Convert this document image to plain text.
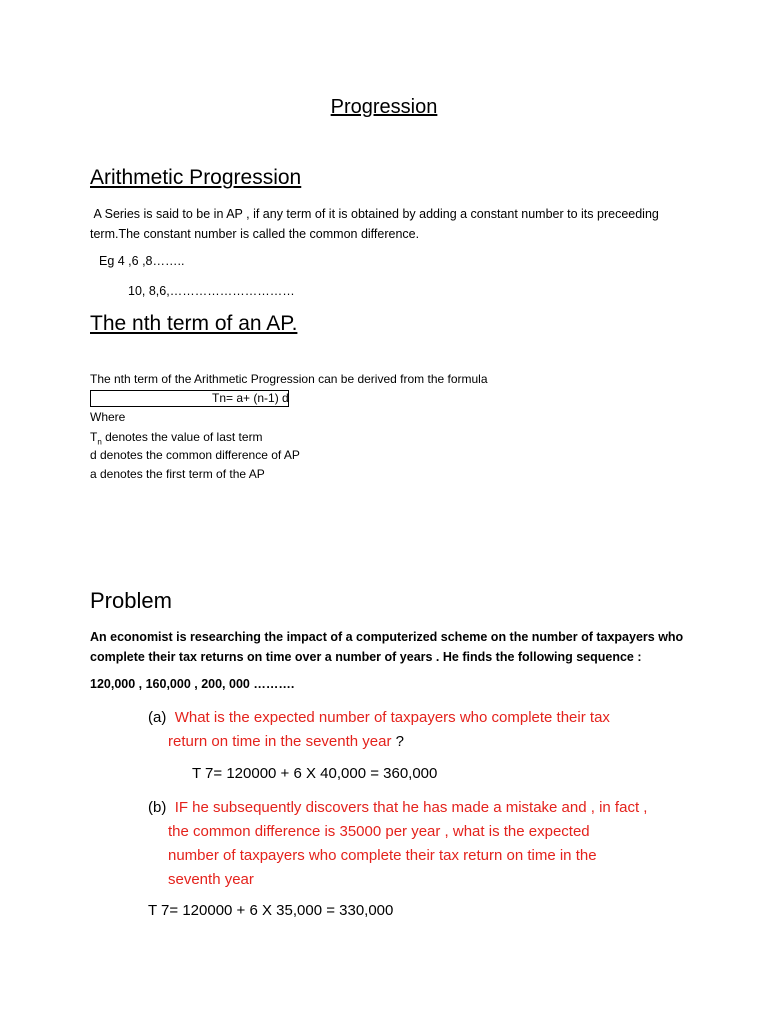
Progression
Arithmetic Progression
A Series is said to be in AP , if any term of it is obtained by adding a constant number to its preceeding term.The constant number is called the common difference.
Eg 4 ,6 ,8……..
10, 8,6,…………………………
The nth term of an AP.
The nth term of the Arithmetic Progression can be derived from the formula
Tn= a+ (n-1) d
Where
$T_n$ denotes the value of last term
d denotes the common difference of AP
a denotes the first term of the AP
Problem
An economist is researching the impact of a computerized scheme on the number of taxpayers who complete their tax returns on time over a number of years . He finds the following sequence :
120,000 , 160,000 , 200, 000 ……….
(a) What is the expected number of taxpayers who complete their tax
return on time in the seventh year ?
T 7= 120000 + 6 X 40,000 = 360,000
(b) IF he subsequently discovers that he has made a mistake and , in fact ,
the common difference is 35000 per year , what is the expected
number of taxpayers who complete their tax return on time in the
seventh year
T 7= 120000 + 6 X 35,000 = 330,000
